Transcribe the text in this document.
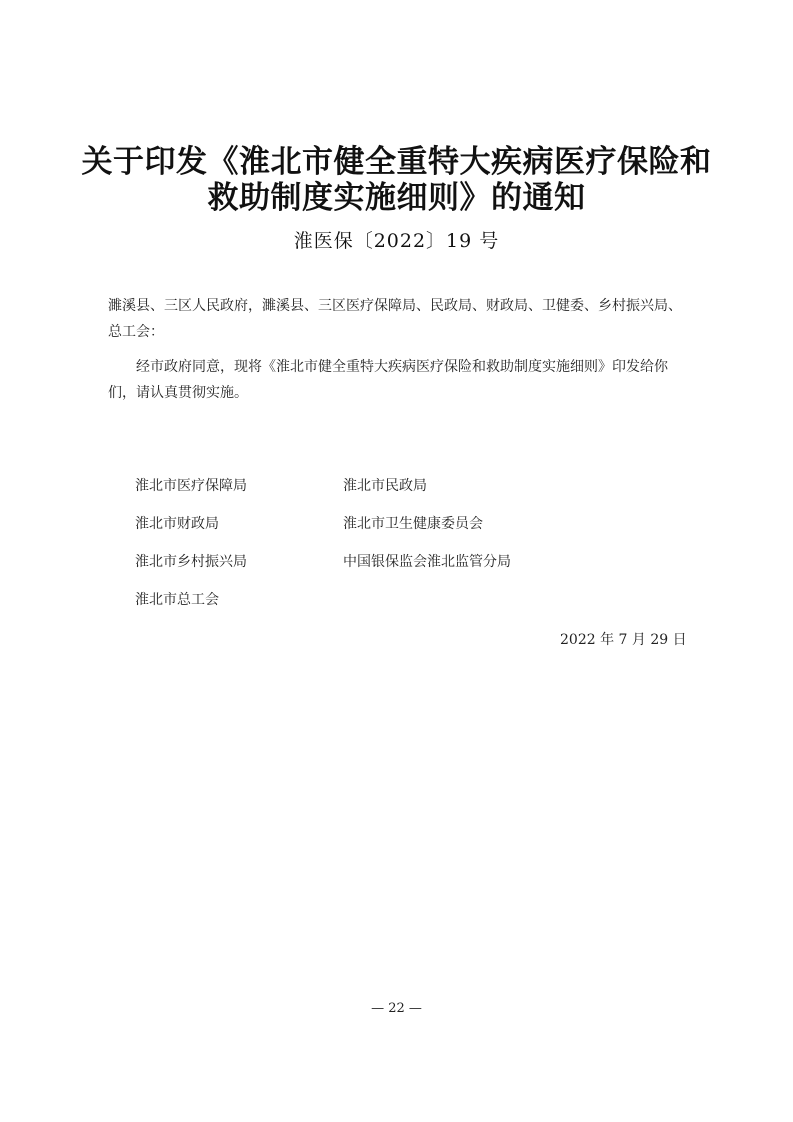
关于印发《淮北市健全重特大疾病医疗保险和
救助制度实施细则》的通知
淮医保〔2022〕19 号
濉溪县、三区人民政府，濉溪县、三区医疗保障局、民政局、财政局、卫健委、乡村振兴局、总工会：
经市政府同意，现将《淮北市健全重特大疾病医疗保险和救助制度实施细则》印发给你们，请认真贯彻实施。
淮北市医疗保障局	淮北市民政局
淮北市财政局	淮北市卫生健康委员会
淮北市乡村振兴局	中国银保监会淮北监管分局
淮北市总工会
2022 年 7 月 29 日
— 22 —
